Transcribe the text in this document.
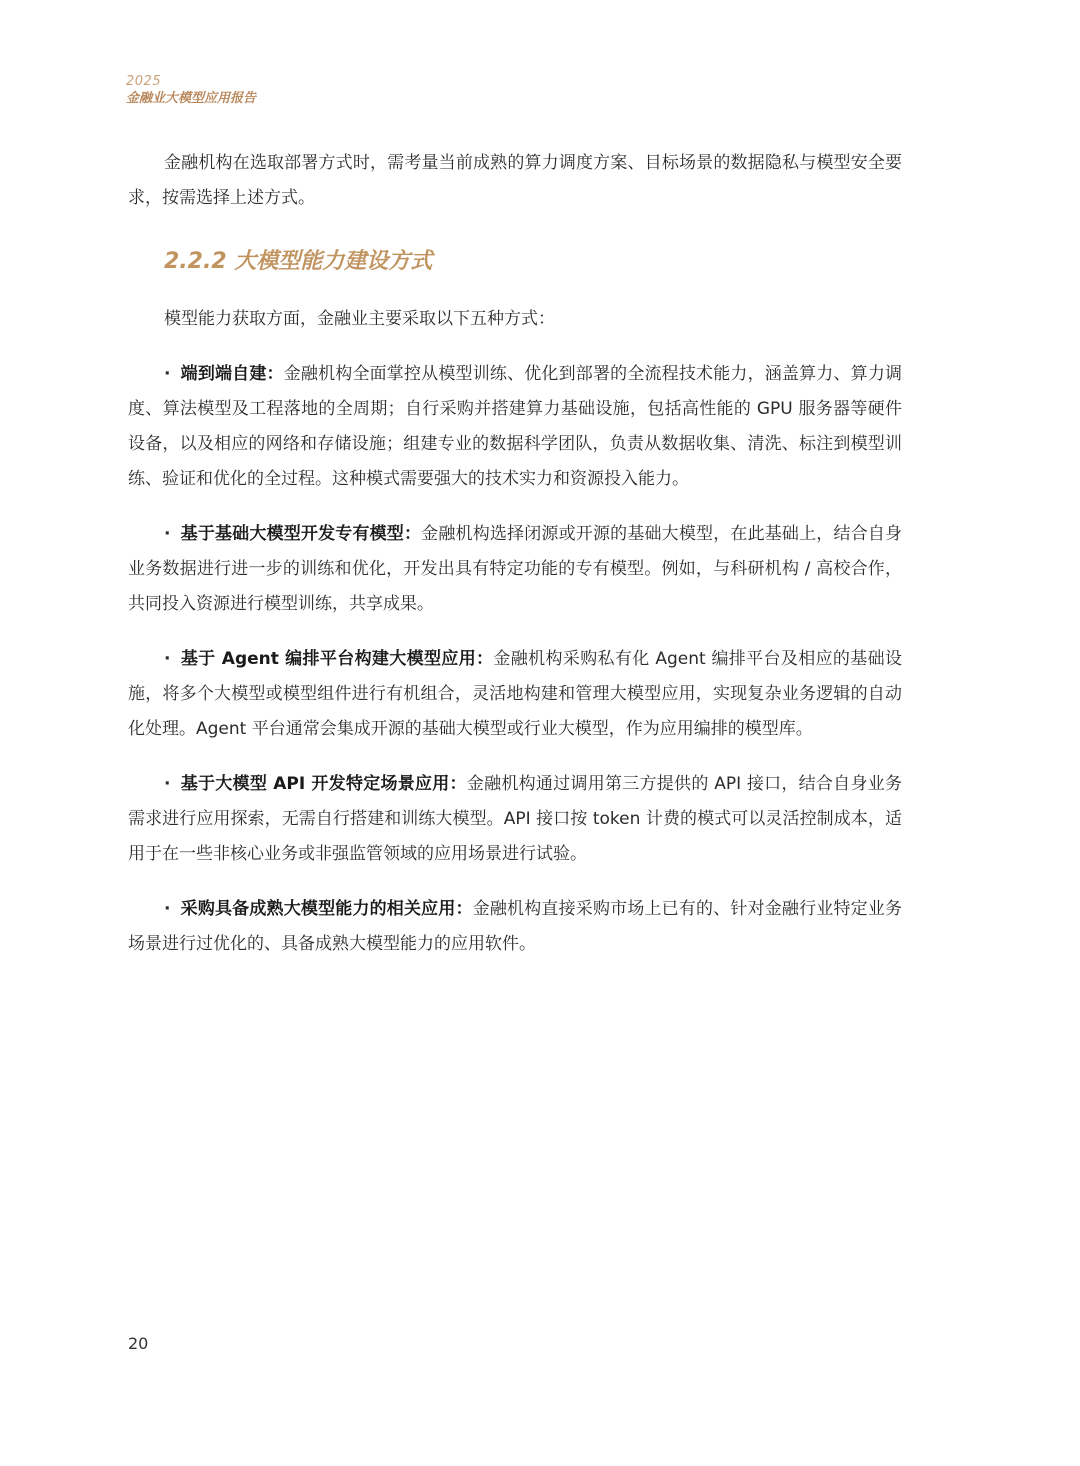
2025
金融业大模型应用报告

金融机构在选取部署方式时，需考量当前成熟的算力调度方案、目标场景的数据隐私与模型安全要求，按需选择上述方式。

2.2.2 大模型能力建设方式

模型能力获取方面，金融业主要采取以下五种方式：

· 端到端自建：金融机构全面掌控从模型训练、优化到部署的全流程技术能力，涵盖算力、算力调度、算法模型及工程落地的全周期；自行采购并搭建算力基础设施，包括高性能的 GPU 服务器等硬件设备，以及相应的网络和存储设施；组建专业的数据科学团队，负责从数据收集、清洗、标注到模型训练、验证和优化的全过程。这种模式需要强大的技术实力和资源投入能力。
· 基于基础大模型开发专有模型：金融机构选择闭源或开源的基础大模型，在此基础上，结合自身业务数据进行进一步的训练和优化，开发出具有特定功能的专有模型。例如，与科研机构 / 高校合作，共同投入资源进行模型训练，共享成果。
· 基于 Agent 编排平台构建大模型应用：金融机构采购私有化 Agent 编排平台及相应的基础设施，将多个大模型或模型组件进行有机组合，灵活地构建和管理大模型应用，实现复杂业务逻辑的自动化处理。Agent 平台通常会集成开源的基础大模型或行业大模型，作为应用编排的模型库。
· 基于大模型 API 开发特定场景应用：金融机构通过调用第三方提供的 API 接口，结合自身业务需求进行应用探索，无需自行搭建和训练大模型。API 接口按 token 计费的模式可以灵活控制成本，适用于在一些非核心业务或非强监管领域的应用场景进行试验。
· 采购具备成熟大模型能力的相关应用：金融机构直接采购市场上已有的、针对金融行业特定业务场景进行过优化的、具备成熟大模型能力的应用软件。
20
